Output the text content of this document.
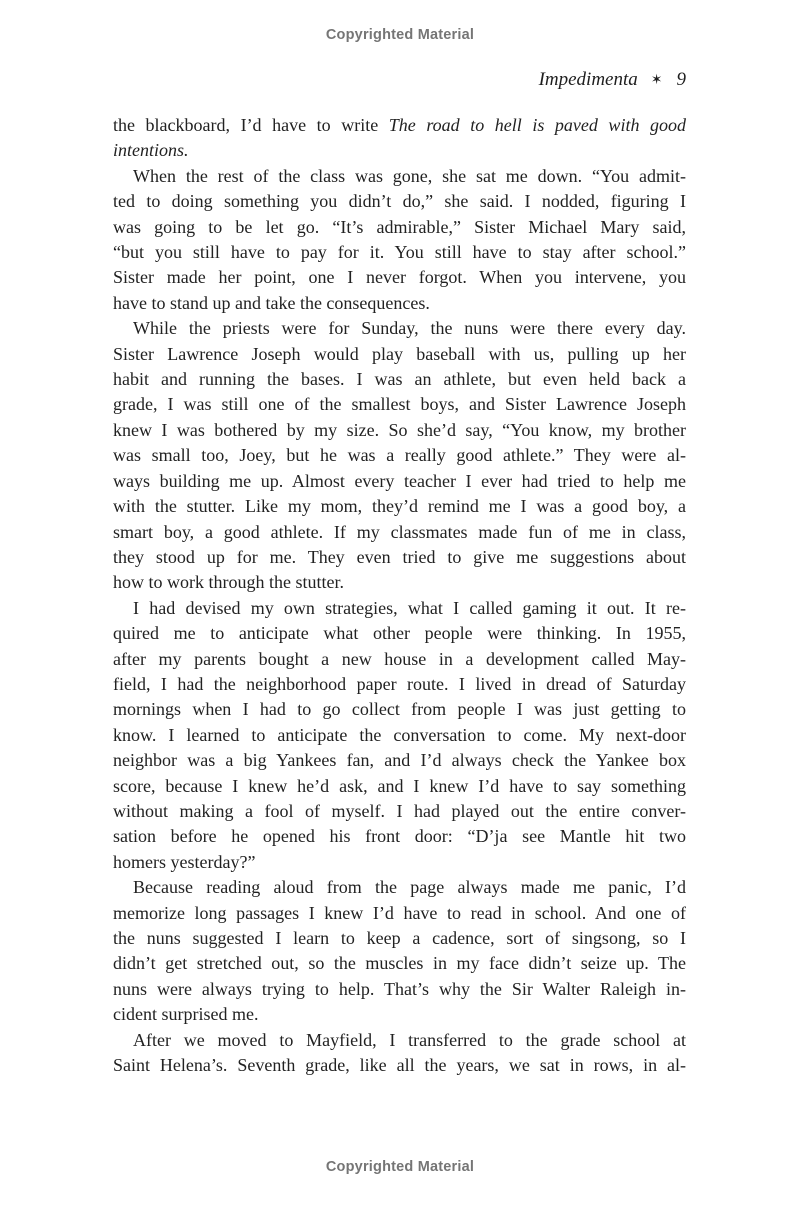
Copyrighted Material
Impedimenta ✶ 9
the blackboard, I’d have to write The road to hell is paved with good
intentions.
When the rest of the class was gone, she sat me down. “You admit-
ted to doing something you didn’t do,” she said. I nodded, figuring I
was going to be let go. “It’s admirable,” Sister Michael Mary said,
“but you still have to pay for it. You still have to stay after school.”
Sister made her point, one I never forgot. When you intervene, you
have to stand up and take the consequences.
While the priests were for Sunday, the nuns were there every day.
Sister Lawrence Joseph would play baseball with us, pulling up her
habit and running the bases. I was an athlete, but even held back a
grade, I was still one of the smallest boys, and Sister Lawrence Joseph
knew I was bothered by my size. So she’d say, “You know, my brother
was small too, Joey, but he was a really good athlete.” They were al-
ways building me up. Almost every teacher I ever had tried to help me
with the stutter. Like my mom, they’d remind me I was a good boy, a
smart boy, a good athlete. If my classmates made fun of me in class,
they stood up for me. They even tried to give me suggestions about
how to work through the stutter.
I had devised my own strategies, what I called gaming it out. It re-
quired me to anticipate what other people were thinking. In 1955,
after my parents bought a new house in a development called May-
field, I had the neighborhood paper route. I lived in dread of Saturday
mornings when I had to go collect from people I was just getting to
know. I learned to anticipate the conversation to come. My next-door
neighbor was a big Yankees fan, and I’d always check the Yankee box
score, because I knew he’d ask, and I knew I’d have to say something
without making a fool of myself. I had played out the entire conver-
sation before he opened his front door: “D’ja see Mantle hit two
homers yesterday?”
Because reading aloud from the page always made me panic, I’d
memorize long passages I knew I’d have to read in school. And one of
the nuns suggested I learn to keep a cadence, sort of singsong, so I
didn’t get stretched out, so the muscles in my face didn’t seize up. The
nuns were always trying to help. That’s why the Sir Walter Raleigh in-
cident surprised me.
After we moved to Mayfield, I transferred to the grade school at
Saint Helena’s. Seventh grade, like all the years, we sat in rows, in al-
Copyrighted Material
